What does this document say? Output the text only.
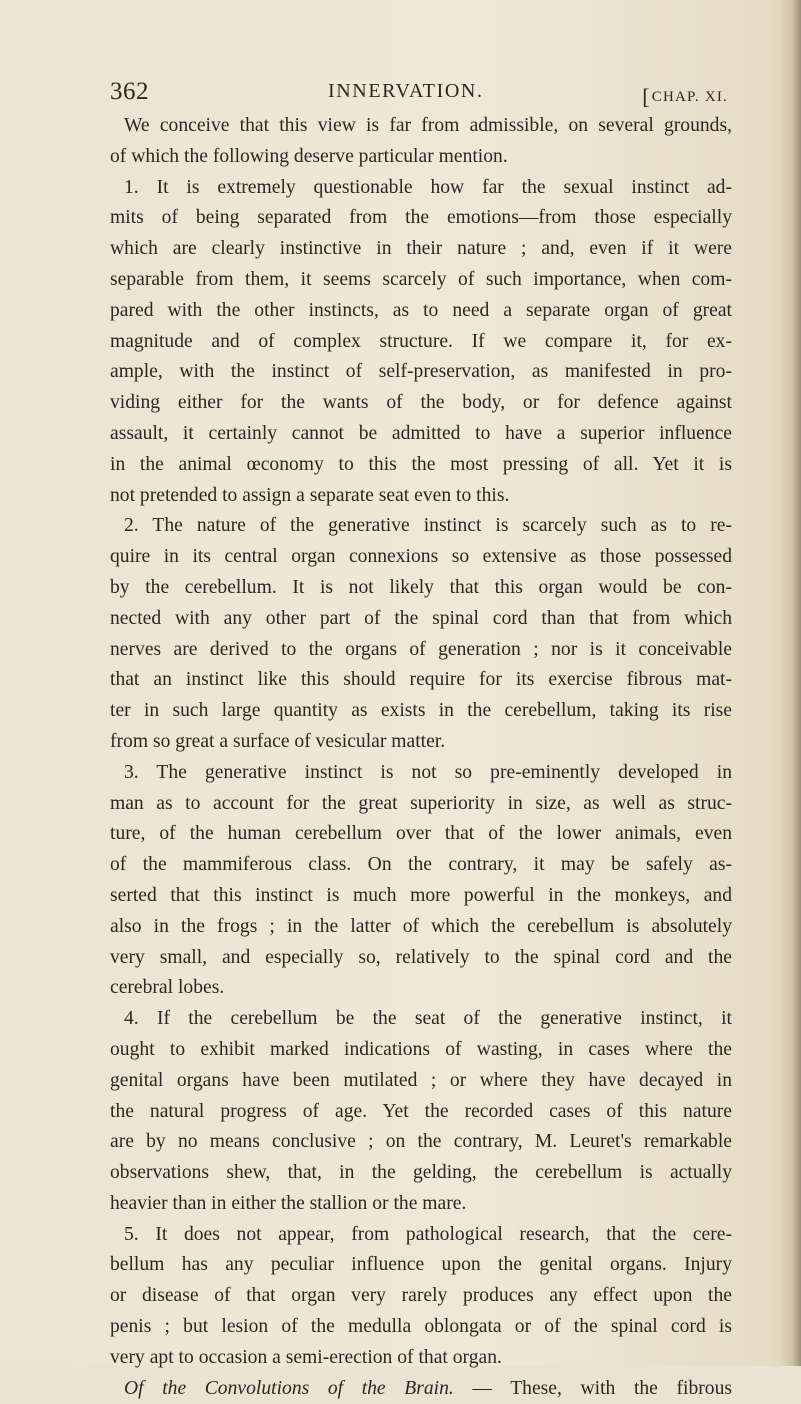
362	INNERVATION.	[CHAP. XI.
We conceive that this view is far from admissible, on several grounds,
of which the following deserve particular mention.
1. It is extremely questionable how far the sexual instinct ad-
mits of being separated from the emotions—from those especially
which are clearly instinctive in their nature ; and, even if it were
separable from them, it seems scarcely of such importance, when com-
pared with the other instincts, as to need a separate organ of great
magnitude and of complex structure. If we compare it, for ex-
ample, with the instinct of self-preservation, as manifested in pro-
viding either for the wants of the body, or for defence against
assault, it certainly cannot be admitted to have a superior influence
in the animal œconomy to this the most pressing of all. Yet it is
not pretended to assign a separate seat even to this.
2. The nature of the generative instinct is scarcely such as to re-
quire in its central organ connexions so extensive as those possessed
by the cerebellum. It is not likely that this organ would be con-
nected with any other part of the spinal cord than that from which
nerves are derived to the organs of generation ; nor is it conceivable
that an instinct like this should require for its exercise fibrous mat-
ter in such large quantity as exists in the cerebellum, taking its rise
from so great a surface of vesicular matter.
3. The generative instinct is not so pre-eminently developed in
man as to account for the great superiority in size, as well as struc-
ture, of the human cerebellum over that of the lower animals, even
of the mammiferous class. On the contrary, it may be safely as-
serted that this instinct is much more powerful in the monkeys, and
also in the frogs ; in the latter of which the cerebellum is absolutely
very small, and especially so, relatively to the spinal cord and the
cerebral lobes.
4. If the cerebellum be the seat of the generative instinct, it
ought to exhibit marked indications of wasting, in cases where the
genital organs have been mutilated ; or where they have decayed in
the natural progress of age. Yet the recorded cases of this nature
are by no means conclusive ; on the contrary, M. Leuret's remarkable
observations shew, that, in the gelding, the cerebellum is actually
heavier than in either the stallion or the mare.
5. It does not appear, from pathological research, that the cere-
bellum has any peculiar influence upon the genital organs. Injury
or disease of that organ very rarely produces any effect upon the
penis ; but lesion of the medulla oblongata or of the spinal cord is
very apt to occasion a semi-erection of that organ.
Of the Convolutions of the Brain. — These, with the fibrous
